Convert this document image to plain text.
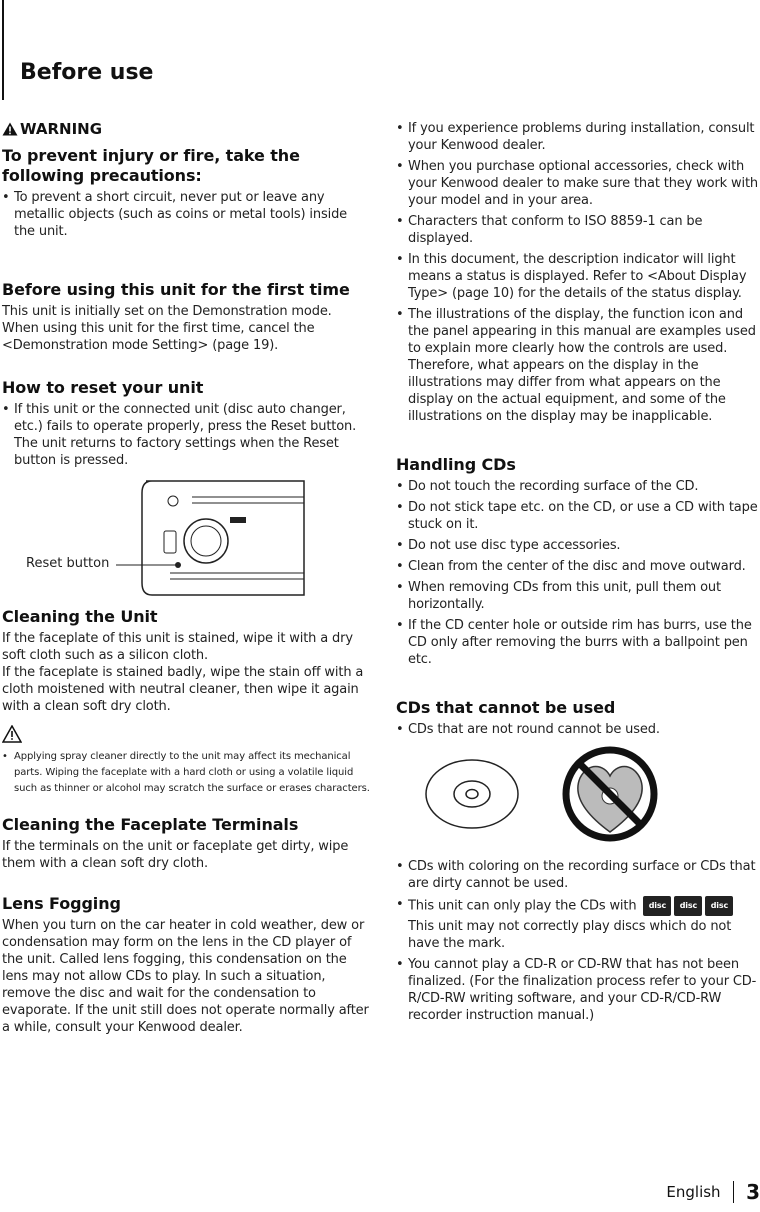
Before use
WARNING
To prevent injury or fire, take the following precautions:
• To prevent a short circuit, never put or leave any metallic objects (such as coins or metal tools) inside the unit.
Before using this unit for the first time

This unit is initially set on the Demonstration mode. When using this unit for the first time, cancel the <Demonstration mode Setting> (page 19).

How to reset your unit
• If this unit or the connected unit (disc auto changer, etc.) fails to operate properly, press the Reset button. The unit returns to factory settings when the Reset button is pressed.
Reset button
Cleaning the Unit

If the faceplate of this unit is stained, wipe it with a dry soft cloth such as a silicon cloth.

If the faceplate is stained badly, wipe the stain off with a cloth moistened with neutral cleaner, then wipe it again with a clean soft dry cloth.

• Applying spray cleaner directly to the unit may affect its mechanical parts. Wiping the faceplate with a hard cloth or using a volatile liquid such as thinner or alcohol may scratch the surface or erases characters.
Cleaning the Faceplate Terminals

If the terminals on the unit or faceplate get dirty, wipe them with a clean soft dry cloth.

Lens Fogging

When you turn on the car heater in cold weather, dew or condensation may form on the lens in the CD player of the unit. Called lens fogging, this condensation on the lens may not allow CDs to play. In such a situation, remove the disc and wait for the condensation to evaporate. If the unit still does not operate normally after a while, consult your Kenwood dealer.

• If you experience problems during installation, consult your Kenwood dealer.
• When you purchase optional accessories, check with your Kenwood dealer to make sure that they work with your model and in your area.
• Characters that conform to ISO 8859-1 can be displayed.
• In this document, the description indicator will light means a status is displayed. Refer to <About Display Type> (page 10) for the details of the status display.
• The illustrations of the display, the function icon and the panel appearing in this manual are examples used to explain more clearly how the controls are used. Therefore, what appears on the display in the illustrations may differ from what appears on the display on the actual equipment, and some of the illustrations on the display may be inapplicable.
Handling CDs
• Do not touch the recording surface of the CD.
• Do not stick tape etc. on the CD, or use a CD with tape stuck on it.
• Do not use disc type accessories.
• Clean from the center of the disc and move outward.
• When removing CDs from this unit, pull them out horizontally.
• If the CD center hole or outside rim has burrs, use the CD only after removing the burrs with a ballpoint pen etc.
CDs that cannot be used
• CDs that are not round cannot be used.
• CDs with coloring on the recording surface or CDs that are dirty cannot be used.
• This unit can only play the CDs with disc disc disc
This unit may not correctly play discs which do not have the mark.
• You cannot play a CD-R or CD-RW that has not been finalized. (For the finalization process refer to your CD-R/CD-RW writing software, and your CD-R/CD-RW recorder instruction manual.)
English 3
